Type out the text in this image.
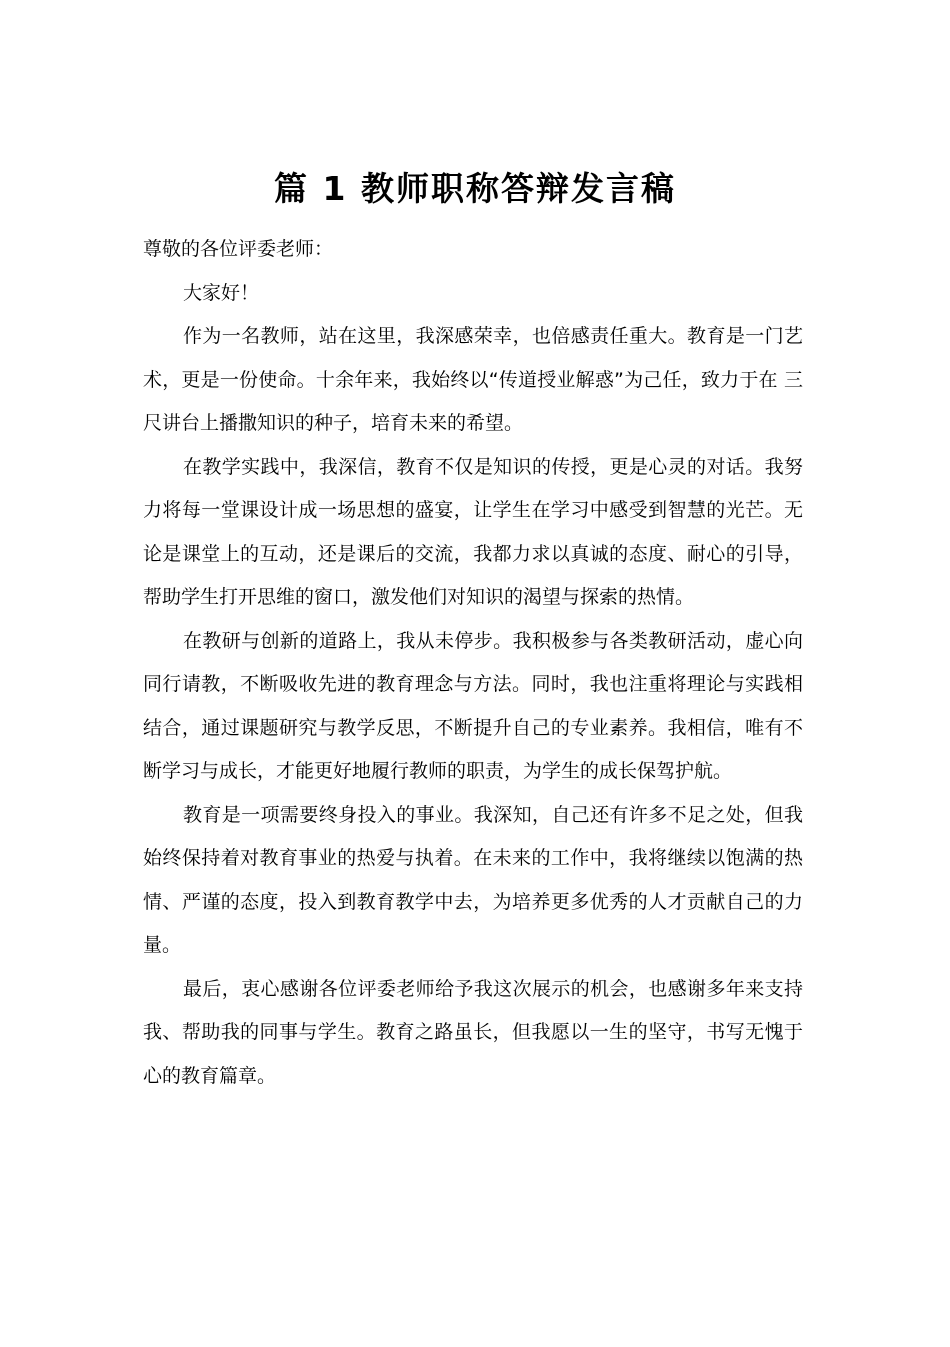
篇 1 教师职称答辩发言稿

尊敬的各位评委老师：

大家好！

作为一名教师，站在这里，我深感荣幸，也倍感责任重大。教育是一门艺 术，更是一份使命。十余年来，我始终以“传道授业解惑”为己任，致力于在 三尺讲台上播撒知识的种子，培育未来的希望。

在教学实践中，我深信，教育不仅是知识的传授，更是心灵的对话。我努 力将每一堂课设计成一场思想的盛宴，让学生在学习中感受到智慧的光芒。无 论是课堂上的互动，还是课后的交流，我都力求以真诚的态度、耐心的引导， 帮助学生打开思维的窗口，激发他们对知识的渴望与探索的热情。

在教研与创新的道路上，我从未停步。我积极参与各类教研活动，虚心向 同行请教，不断吸收先进的教育理念与方法。同时，我也注重将理论与实践相 结合，通过课题研究与教学反思，不断提升自己的专业素养。我相信，唯有不 断学习与成长，才能更好地履行教师的职责，为学生的成长保驾护航。

教育是一项需要终身投入的事业。我深知，自己还有许多不足之处，但我 始终保持着对教育事业的热爱与执着。在未来的工作中，我将继续以饱满的热 情、严谨的态度，投入到教育教学中去，为培养更多优秀的人才贡献自己的力 量。

最后，衷心感谢各位评委老师给予我这次展示的机会，也感谢多年来支持 我、帮助我的同事与学生。教育之路虽长，但我愿以一生的坚守，书写无愧于 心的教育篇章。
